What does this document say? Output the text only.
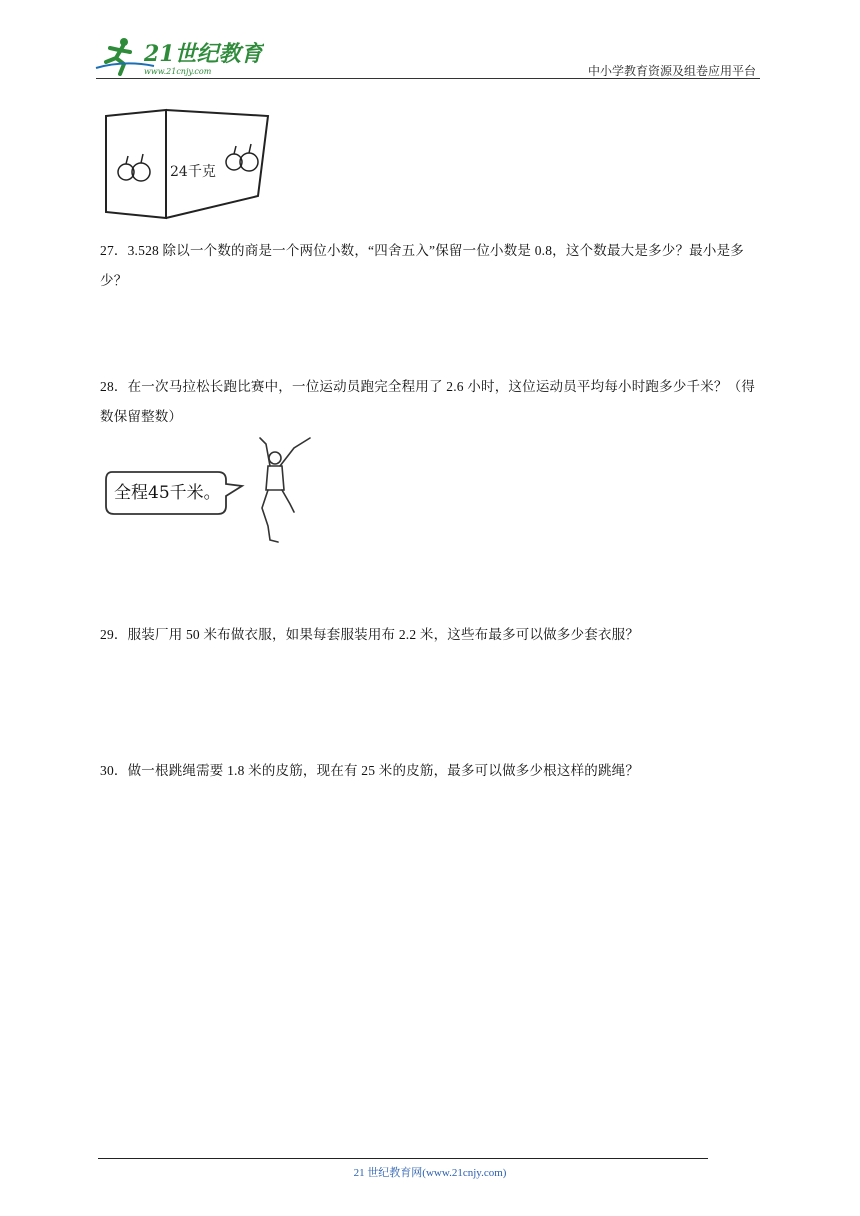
21世纪教育
www.21cnjy.com	中小学教育资源及组卷应用平台
24千克
27．3.528 除以一个数的商是一个两位小数，“四舍五入”保留一位小数是 0.8，这个数最大是多少？最小是多少？
28．在一次马拉松长跑比赛中，一位运动员跑完全程用了 2.6 小时，这位运动员平均每小时跑多少千米？（得数保留整数）
全程45千米。
29．服装厂用 50 米布做衣服，如果每套服装用布 2.2 米，这些布最多可以做多少套衣服？
30．做一根跳绳需要 1.8 米的皮筋，现在有 25 米的皮筋，最多可以做多少根这样的跳绳？
21 世纪教育网(www.21cnjy.com)
